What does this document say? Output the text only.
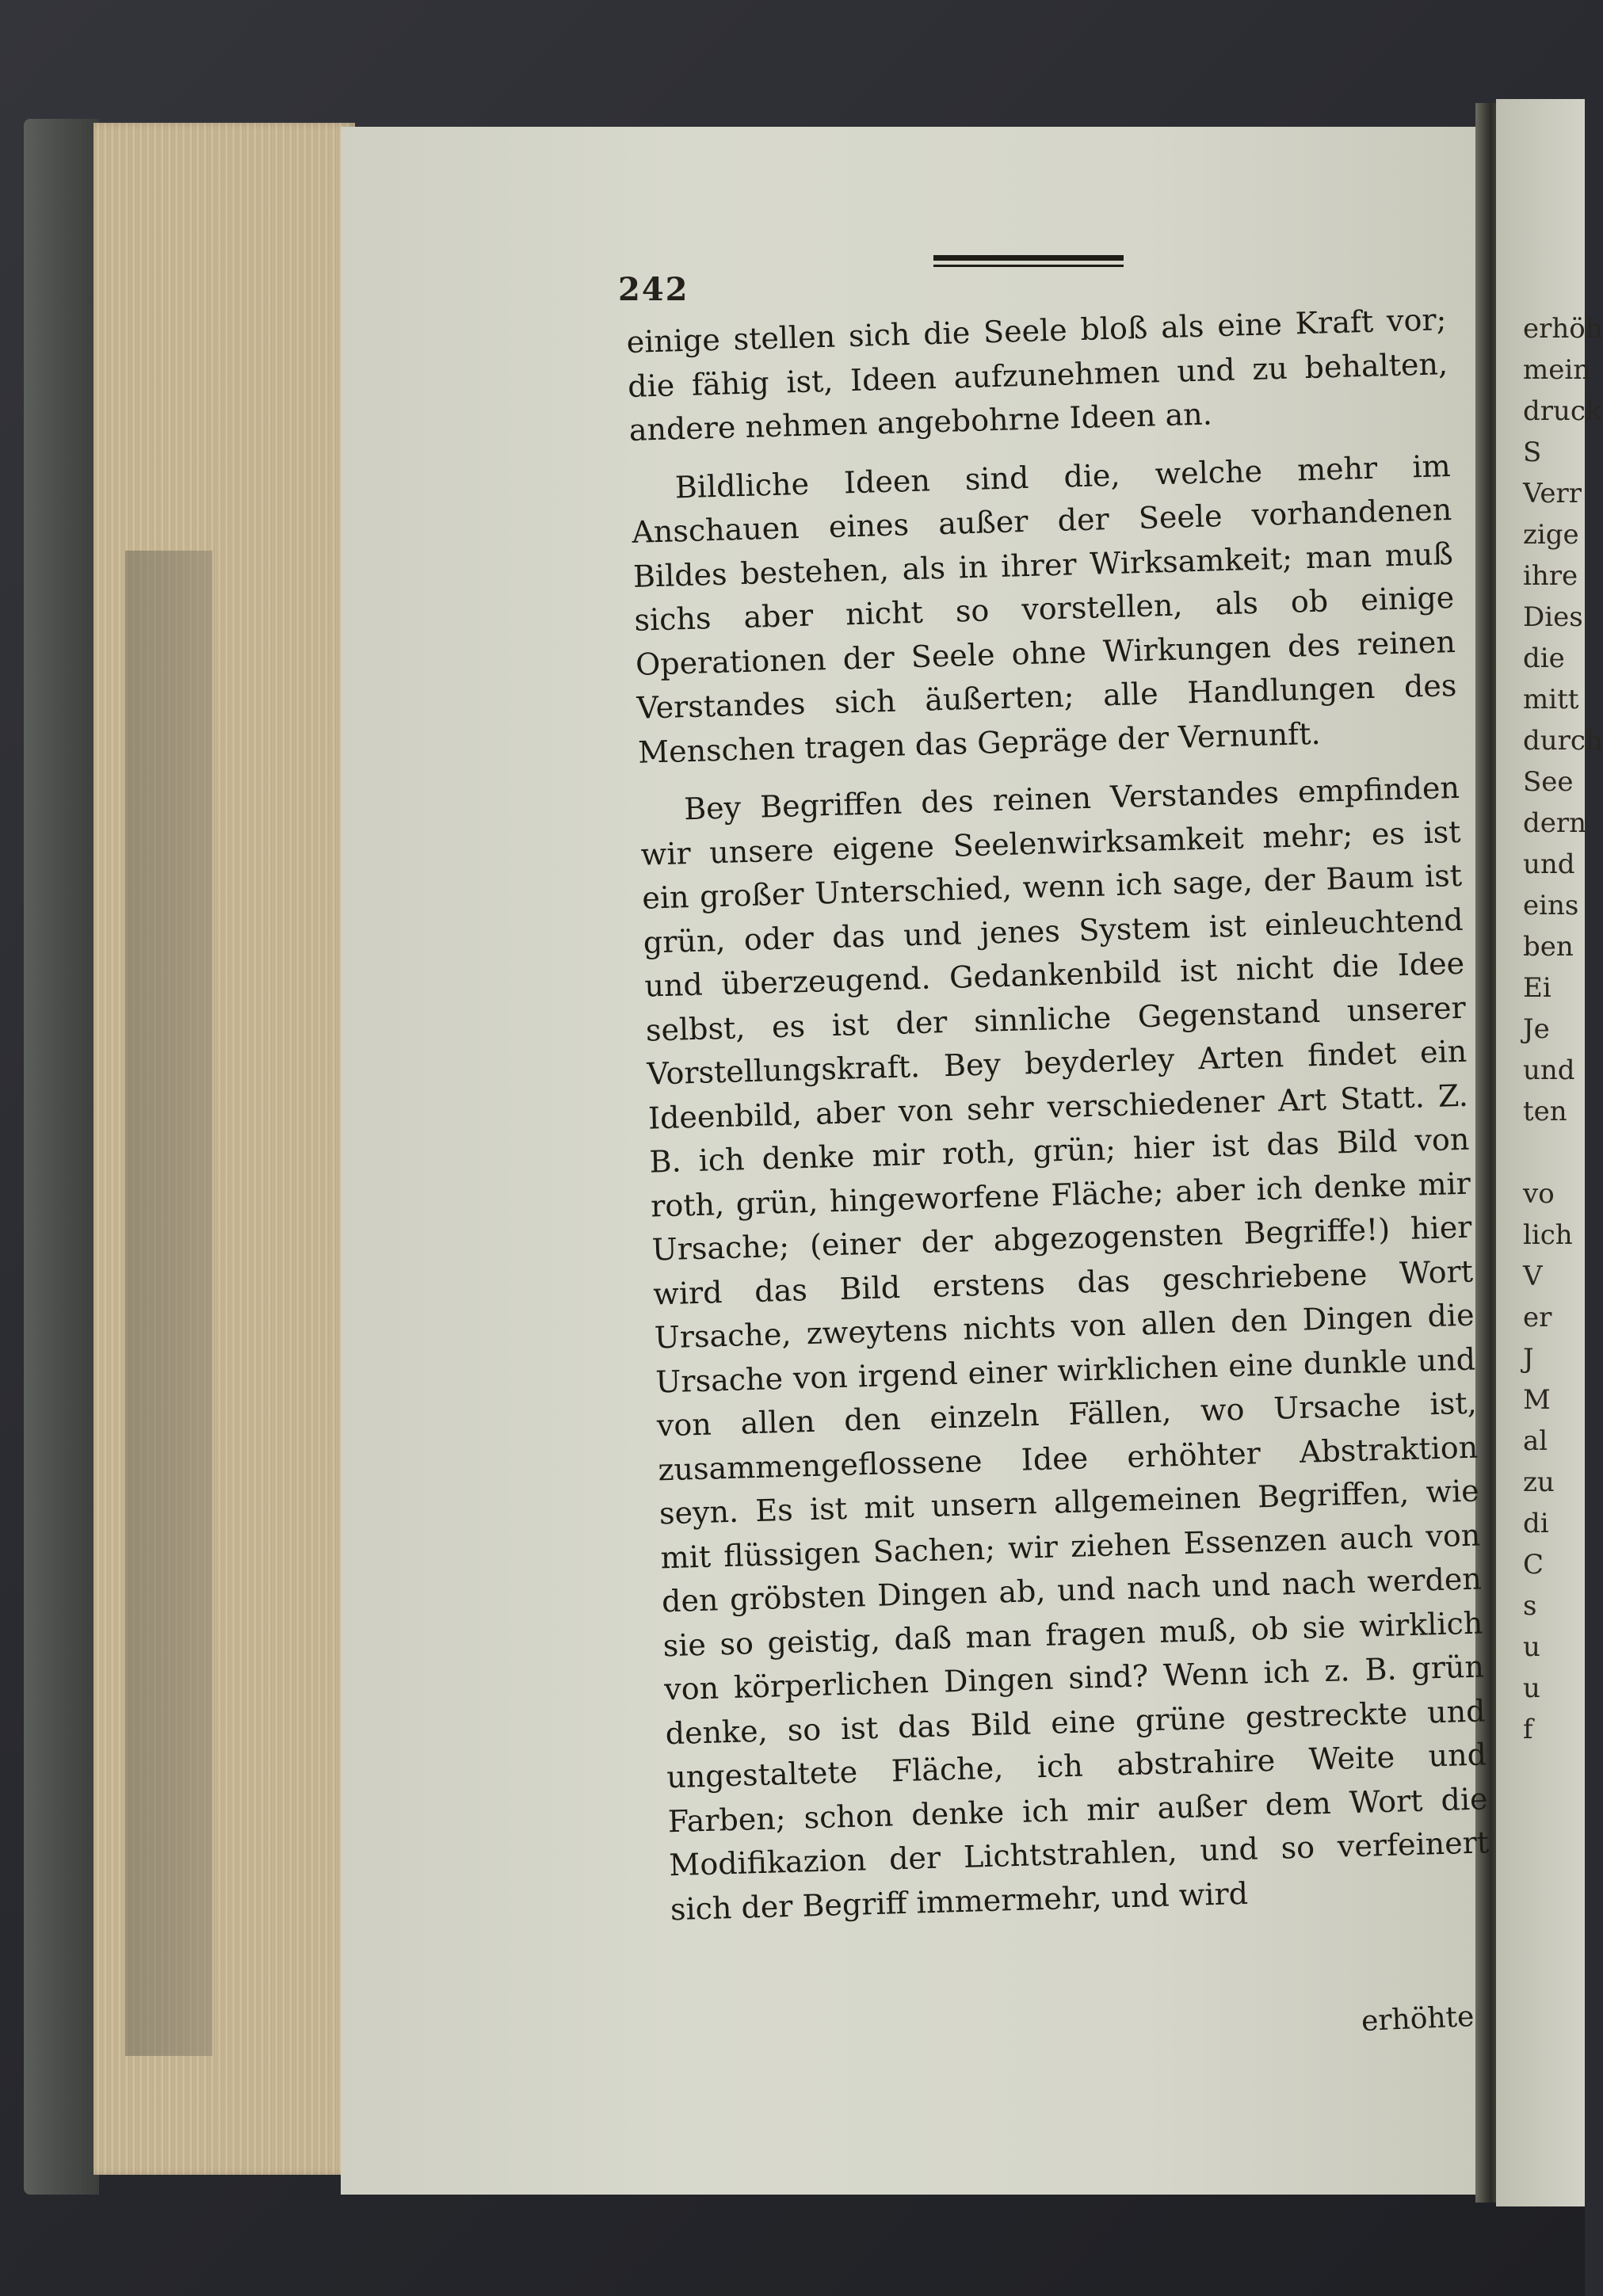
erhöh
mein
druck
S
Verr
zige
ihre
Dies
die
mitt
durch
See
dern
und
eins
ben
Ei
Je
und
ten
vo
lich
V
er
J
M
al
zu
di
C
s
u
u
f
242

einige stellen sich die Seele bloß als eine Kraft vor; die fähig ist, Ideen aufzunehmen und zu behalten, andere nehmen angebohrne Ideen an.

Bildliche Ideen sind die, welche mehr im Anschauen eines außer der Seele vorhandenen Bildes bestehen, als in ihrer Wirksamkeit; man muß sichs aber nicht so vorstellen, als ob einige Operationen der Seele ohne Wirkungen des reinen Verstandes sich äußerten; alle Handlungen des Menschen tragen das Gepräge der Vernunft.

Bey Begriffen des reinen Verstandes empfinden wir unsere eigene Seelenwirksamkeit mehr; es ist ein großer Unterschied, wenn ich sage, der Baum ist grün, oder das und jenes System ist einleuchtend und überzeugend. Gedankenbild ist nicht die Idee selbst, es ist der sinnliche Gegenstand unserer Vorstellungskraft. Bey beyderley Arten findet ein Ideenbild, aber von sehr verschiedener Art Statt. Z. B. ich denke mir roth, grün; hier ist das Bild von roth, grün, hingeworfene Fläche; aber ich denke mir Ursache; (einer der abgezogensten Begriffe!) hier wird das Bild erstens das geschriebene Wort Ursache, zweytens nichts von allen den Dingen die Ursache von irgend einer wirklichen eine dunkle und von allen den einzeln Fällen, wo Ursache ist, zusammengeflossene Idee erhöhter Abstraktion seyn. Es ist mit unsern allgemeinen Begriffen, wie mit flüssigen Sachen; wir ziehen Essenzen auch von den gröbsten Dingen ab, und nach und nach werden sie so geistig, daß man fragen muß, ob sie wirklich von körperlichen Dingen sind? Wenn ich z. B. grün denke, so ist das Bild eine grüne gestreckte und ungestaltete Fläche, ich abstrahire Weite und Farben; schon denke ich mir außer dem Wort die Modifikazion der Lichtstrahlen, und so verfeinert sich der Begriff immermehr, und wird

erhöhte
